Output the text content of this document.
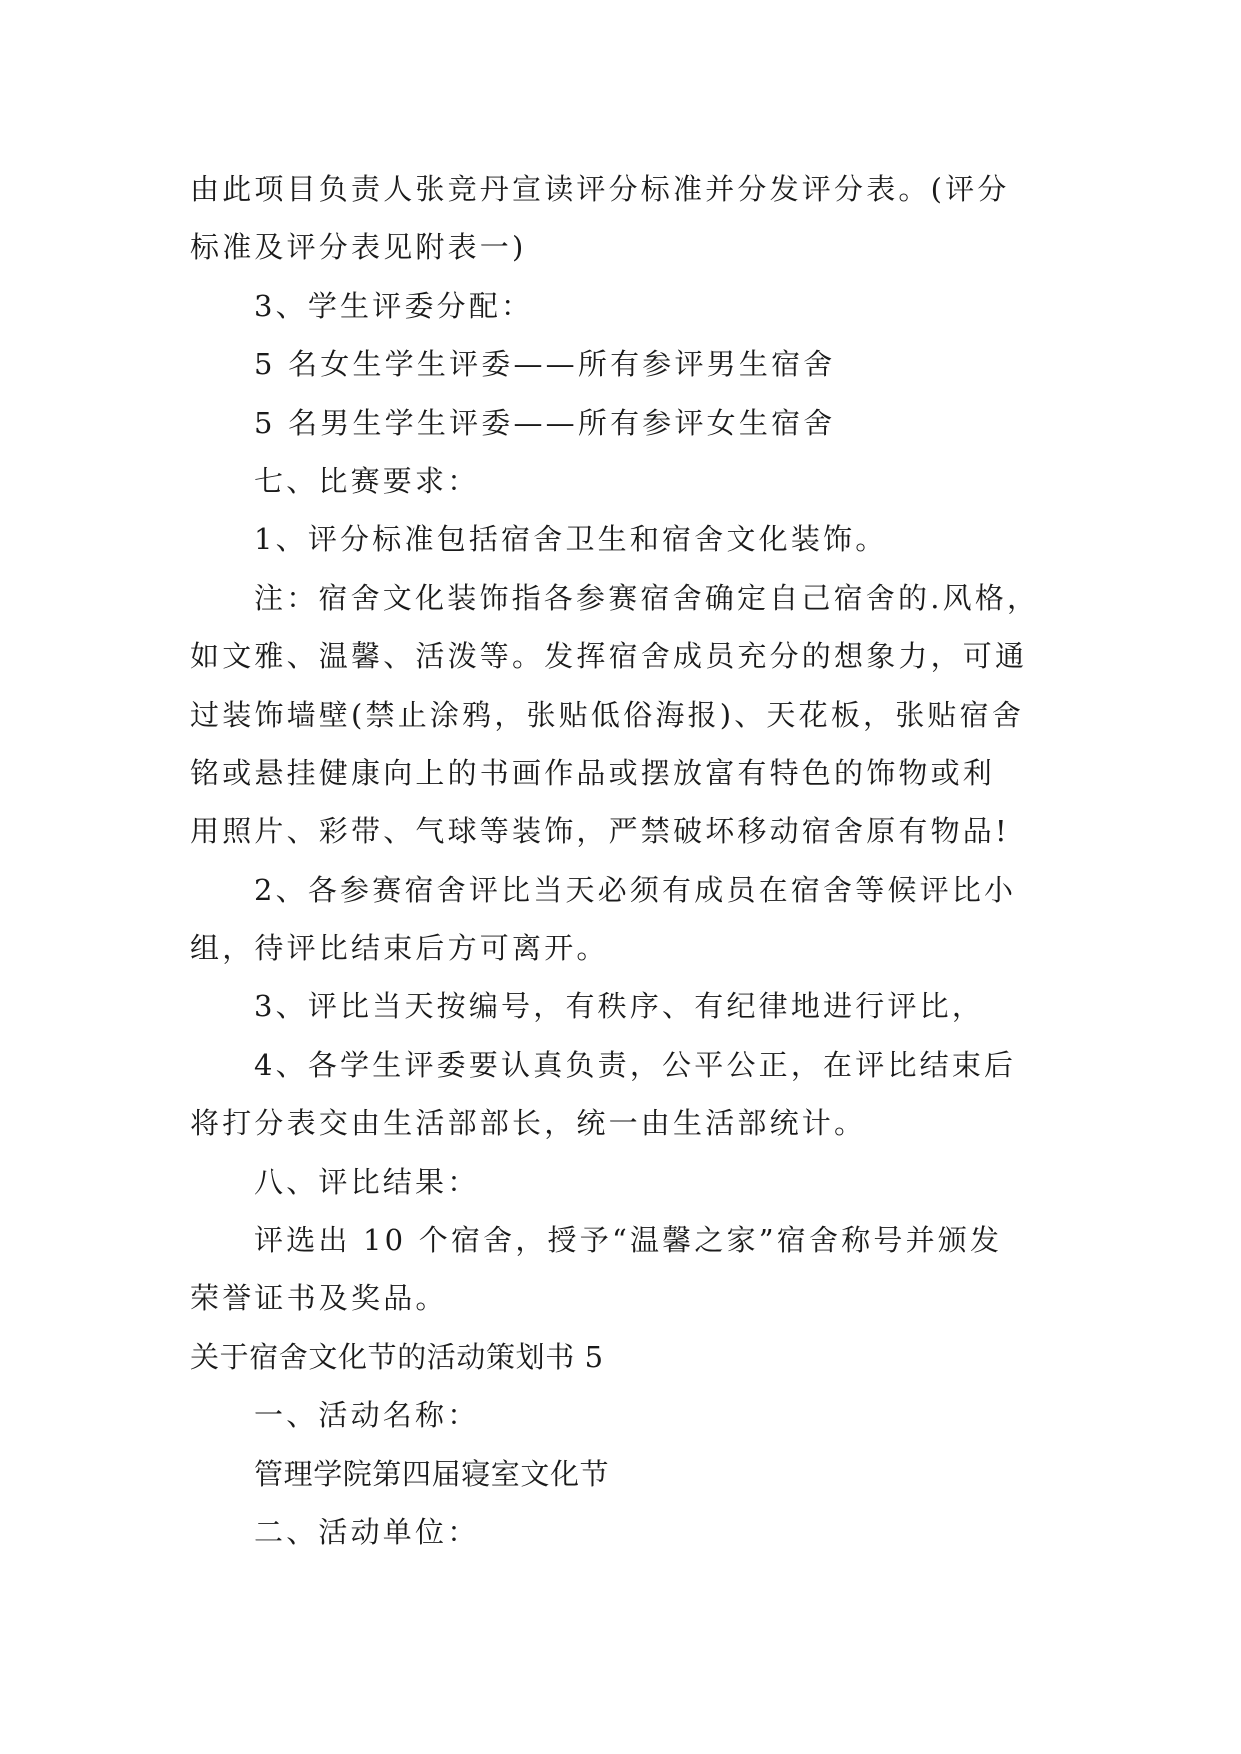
由此项目负责人张竞丹宣读评分标准并分发评分表。(评分
标准及评分表见附表一)
3、学生评委分配：
5 名女生学生评委——所有参评男生宿舍
5 名男生学生评委——所有参评女生宿舍
七、比赛要求：
1、评分标准包括宿舍卫生和宿舍文化装饰。
注：宿舍文化装饰指各参赛宿舍确定自己宿舍的.风格，
如文雅、温馨、活泼等。发挥宿舍成员充分的想象力，可通
过装饰墙壁(禁止涂鸦，张贴低俗海报)、天花板，张贴宿舍
铭或悬挂健康向上的书画作品或摆放富有特色的饰物或利
用照片、彩带、气球等装饰，严禁破坏移动宿舍原有物品!
2、各参赛宿舍评比当天必须有成员在宿舍等候评比小
组，待评比结束后方可离开。
3、评比当天按编号，有秩序、有纪律地进行评比，
4、各学生评委要认真负责，公平公正，在评比结束后
将打分表交由生活部部长，统一由生活部统计。
八、评比结果：
评选出 10 个宿舍，授予“温馨之家”宿舍称号并颁发
荣誉证书及奖品。
关于宿舍文化节的活动策划书 5
一、活动名称：
管理学院第四届寝室文化节
二、活动单位：
